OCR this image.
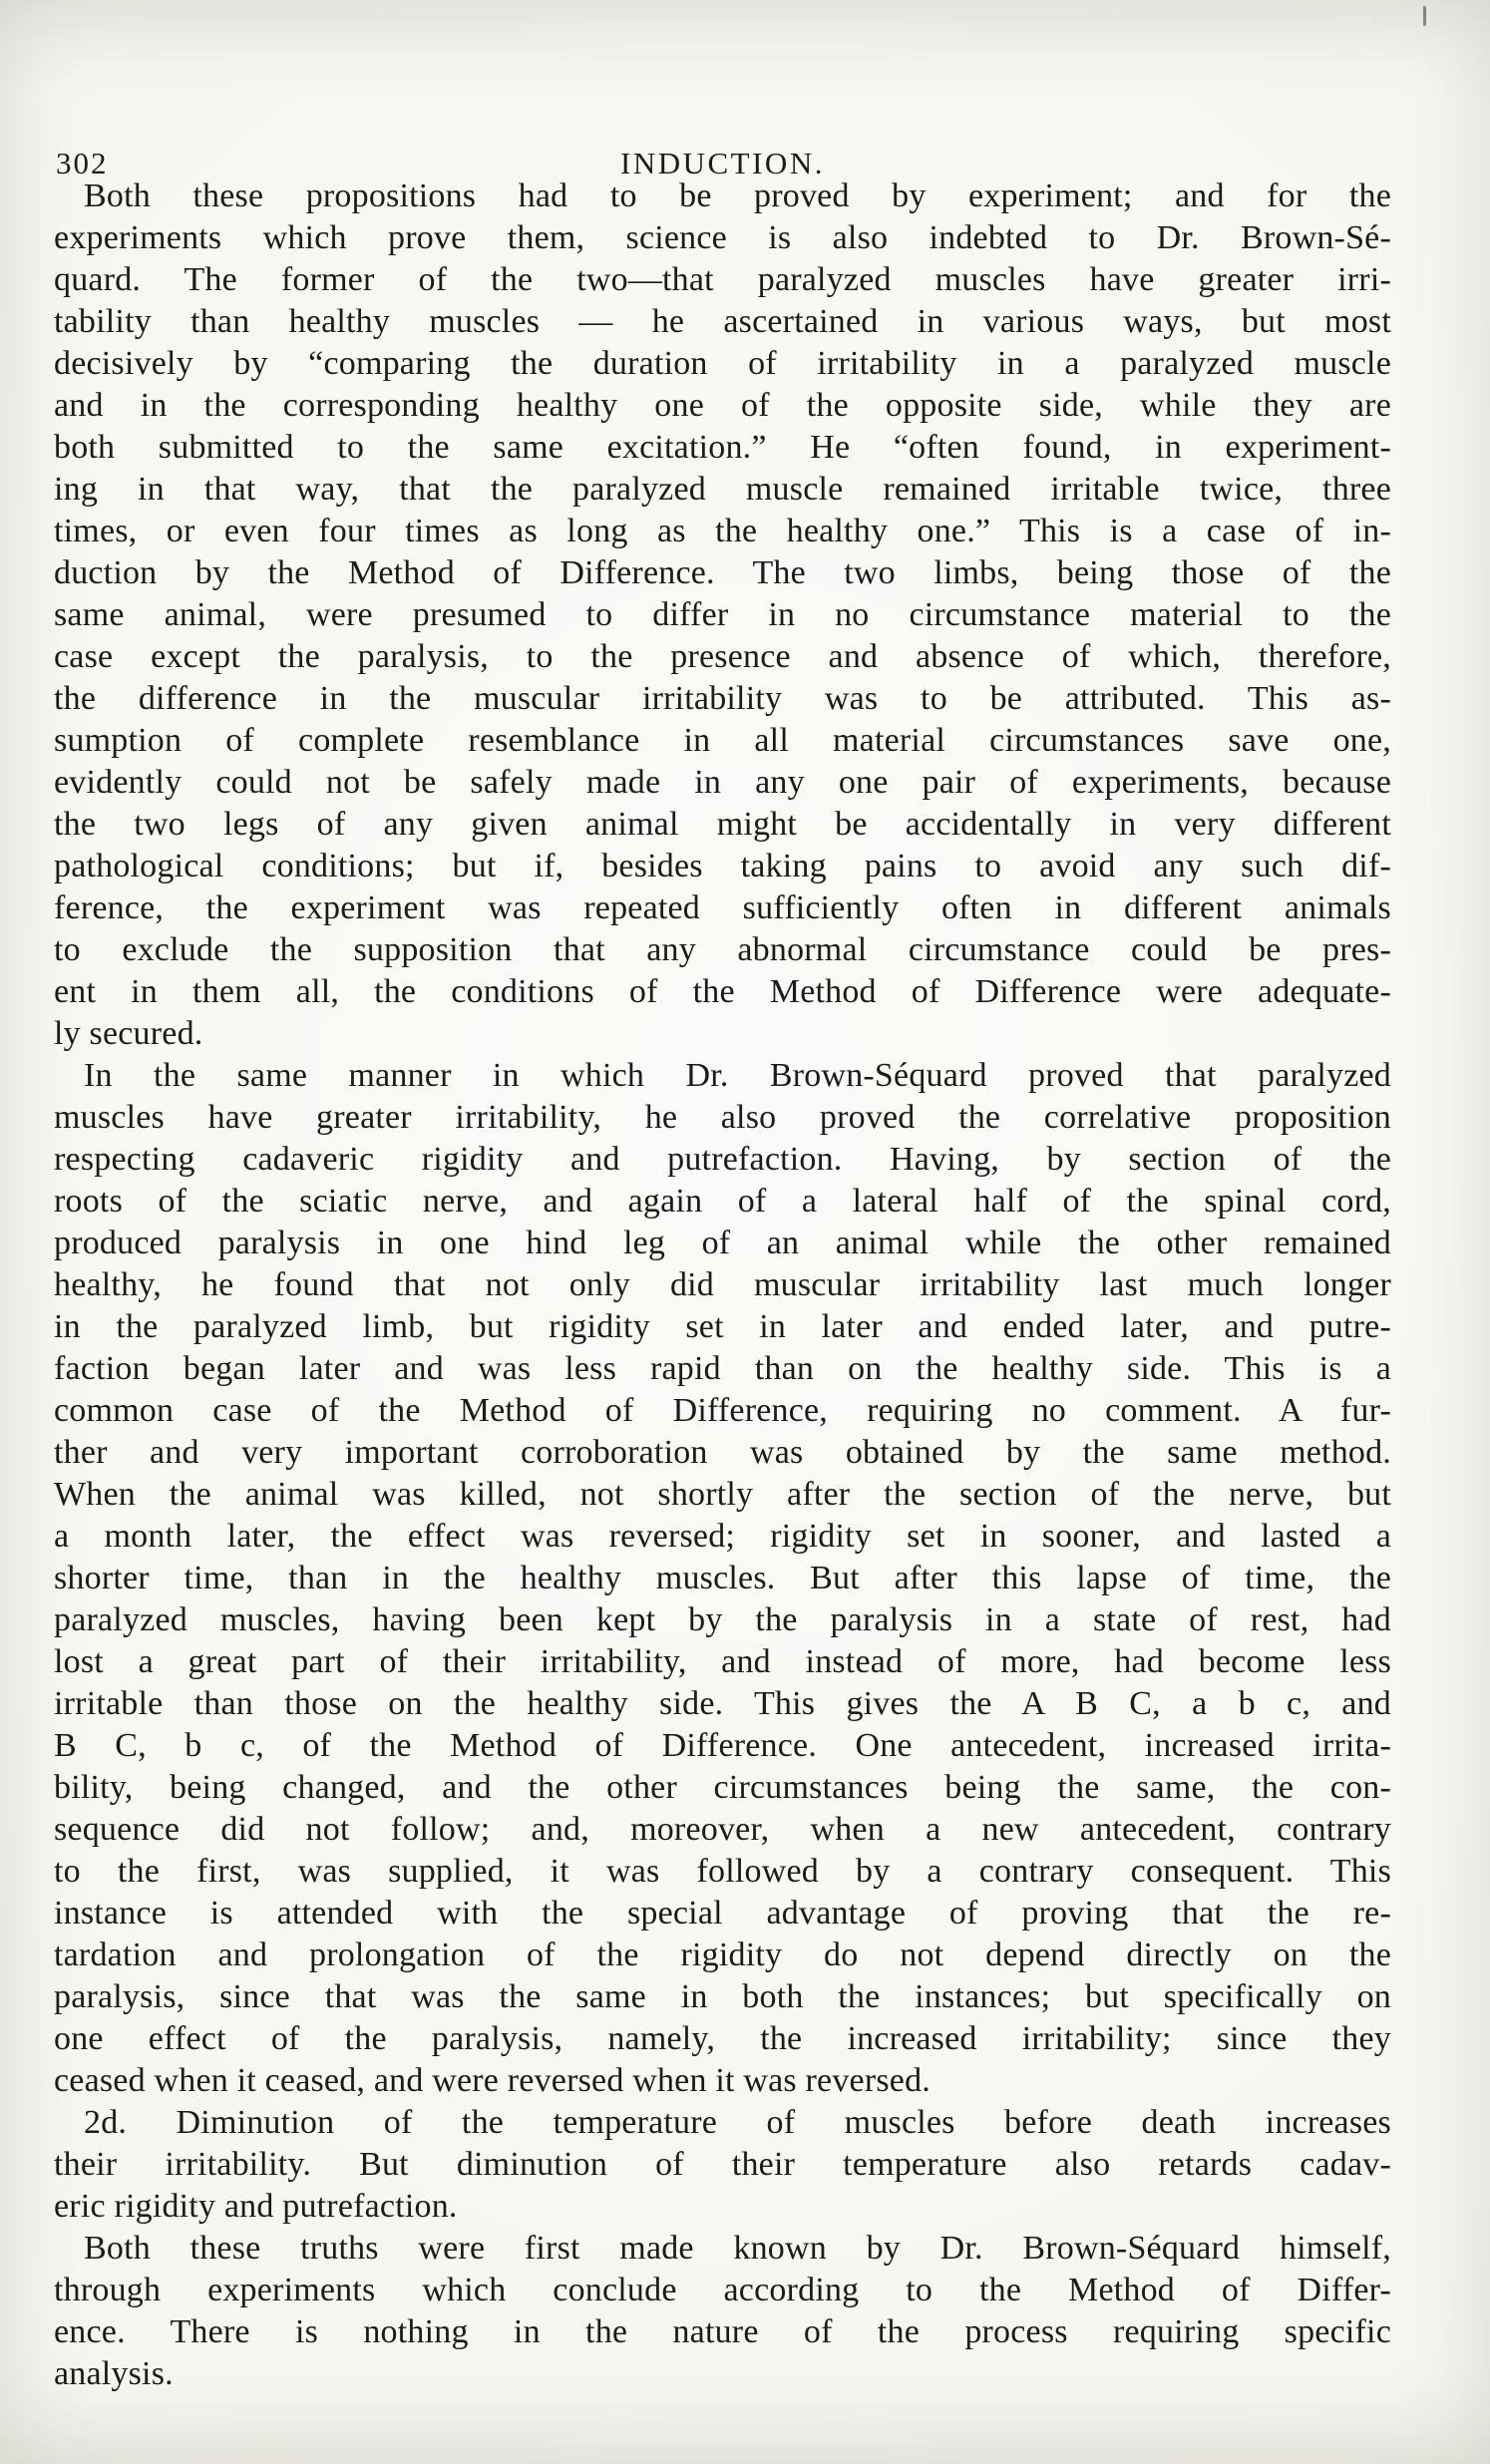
302	INDUCTION.
Both these propositions had to be proved by experiment; and for the
experiments which prove them, science is also indebted to Dr. Brown-Sé-
quard. The former of the two—that paralyzed muscles have greater irri-
tability than healthy muscles — he ascertained in various ways, but most
decisively by “comparing the duration of irritability in a paralyzed muscle
and in the corresponding healthy one of the opposite side, while they are
both submitted to the same excitation.” He “often found, in experiment-
ing in that way, that the paralyzed muscle remained irritable twice, three
times, or even four times as long as the healthy one.” This is a case of in-
duction by the Method of Difference. The two limbs, being those of the
same animal, were presumed to differ in no circumstance material to the
case except the paralysis, to the presence and absence of which, therefore,
the difference in the muscular irritability was to be attributed. This as-
sumption of complete resemblance in all material circumstances save one,
evidently could not be safely made in any one pair of experiments, because
the two legs of any given animal might be accidentally in very different
pathological conditions; but if, besides taking pains to avoid any such dif-
ference, the experiment was repeated sufficiently often in different animals
to exclude the supposition that any abnormal circumstance could be pres-
ent in them all, the conditions of the Method of Difference were adequate-
ly secured.
In the same manner in which Dr. Brown-Séquard proved that paralyzed
muscles have greater irritability, he also proved the correlative proposition
respecting cadaveric rigidity and putrefaction. Having, by section of the
roots of the sciatic nerve, and again of a lateral half of the spinal cord,
produced paralysis in one hind leg of an animal while the other remained
healthy, he found that not only did muscular irritability last much longer
in the paralyzed limb, but rigidity set in later and ended later, and putre-
faction began later and was less rapid than on the healthy side. This is a
common case of the Method of Difference, requiring no comment. A fur-
ther and very important corroboration was obtained by the same method.
When the animal was killed, not shortly after the section of the nerve, but
a month later, the effect was reversed; rigidity set in sooner, and lasted a
shorter time, than in the healthy muscles. But after this lapse of time, the
paralyzed muscles, having been kept by the paralysis in a state of rest, had
lost a great part of their irritability, and instead of more, had become less
irritable than those on the healthy side. This gives the A B C, a b c, and
B C, b c, of the Method of Difference. One antecedent, increased irrita-
bility, being changed, and the other circumstances being the same, the con-
sequence did not follow; and, moreover, when a new antecedent, contrary
to the first, was supplied, it was followed by a contrary consequent. This
instance is attended with the special advantage of proving that the re-
tardation and prolongation of the rigidity do not depend directly on the
paralysis, since that was the same in both the instances; but specifically on
one effect of the paralysis, namely, the increased irritability; since they
ceased when it ceased, and were reversed when it was reversed.
2d. Diminution of the temperature of muscles before death increases
their irritability. But diminution of their temperature also retards cadav-
eric rigidity and putrefaction.
Both these truths were first made known by Dr. Brown-Séquard himself,
through experiments which conclude according to the Method of Differ-
ence. There is nothing in the nature of the process requiring specific
analysis.
